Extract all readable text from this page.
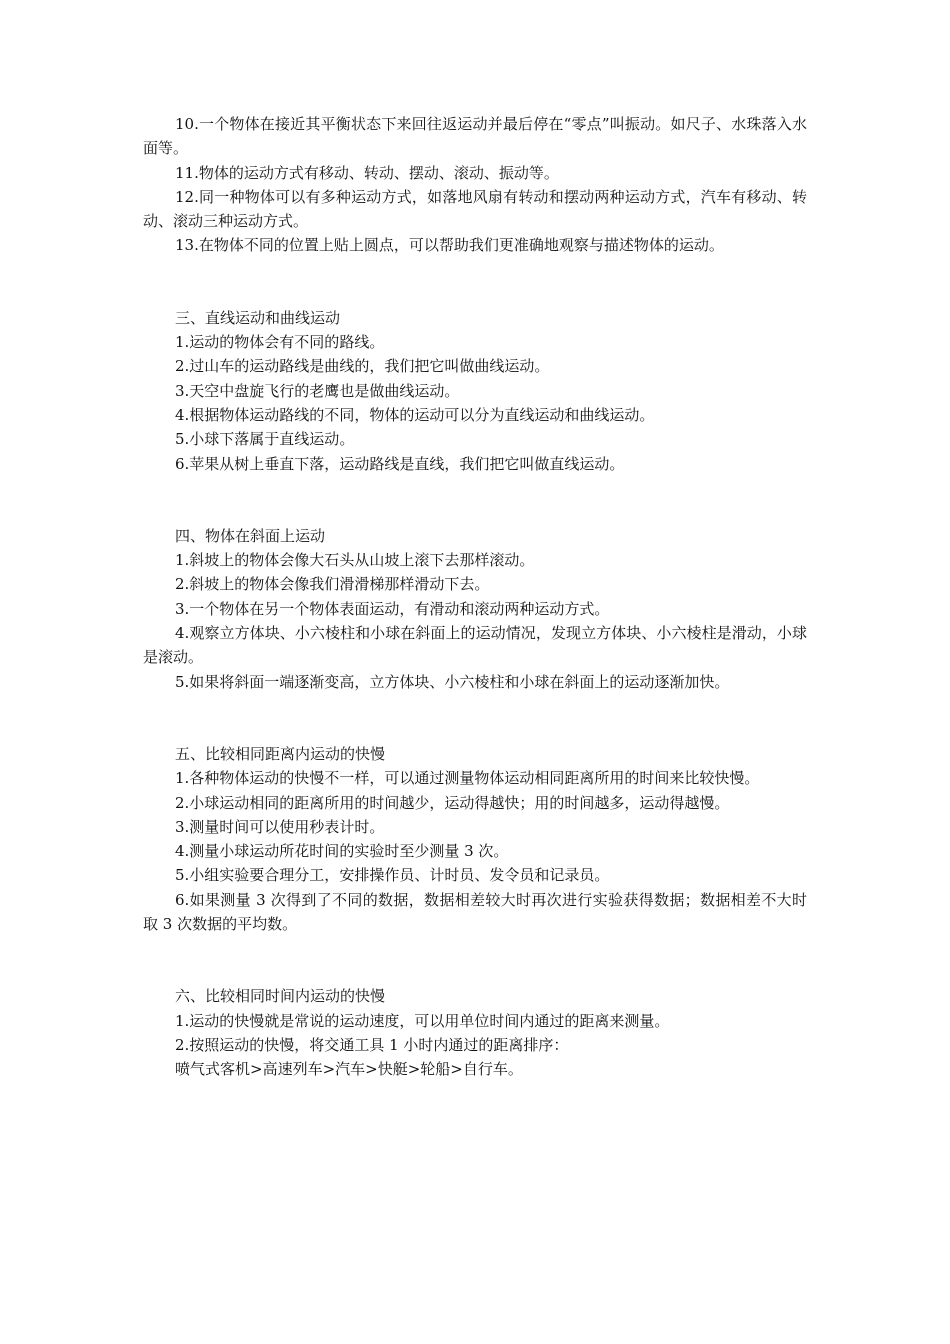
10.一个物体在接近其平衡状态下来回往返运动并最后停在“零点”叫振动。如尺子、水珠落入水面等。

11.物体的运动方式有移动、转动、摆动、滚动、振动等。

12.同一种物体可以有多种运动方式，如落地风扇有转动和摆动两种运动方式，汽车有移动、转动、滚动三种运动方式。

13.在物体不同的位置上贴上圆点，可以帮助我们更准确地观察与描述物体的运动。

三、直线运动和曲线运动

1.运动的物体会有不同的路线。

2.过山车的运动路线是曲线的，我们把它叫做曲线运动。

3.天空中盘旋飞行的老鹰也是做曲线运动。

4.根据物体运动路线的不同，物体的运动可以分为直线运动和曲线运动。

5.小球下落属于直线运动。

6.苹果从树上垂直下落，运动路线是直线，我们把它叫做直线运动。

四、物体在斜面上运动

1.斜坡上的物体会像大石头从山坡上滚下去那样滚动。

2.斜坡上的物体会像我们滑滑梯那样滑动下去。

3.一个物体在另一个物体表面运动，有滑动和滚动两种运动方式。

4.观察立方体块、小六棱柱和小球在斜面上的运动情况，发现立方体块、小六棱柱是滑动，小球是滚动。

5.如果将斜面一端逐渐变高，立方体块、小六棱柱和小球在斜面上的运动逐渐加快。

五、比较相同距离内运动的快慢

1.各种物体运动的快慢不一样，可以通过测量物体运动相同距离所用的时间来比较快慢。

2.小球运动相同的距离所用的时间越少，运动得越快；用的时间越多，运动得越慢。

3.测量时间可以使用秒表计时。

4.测量小球运动所花时间的实验时至少测量 3 次。

5.小组实验要合理分工，安排操作员、计时员、发令员和记录员。

6.如果测量 3 次得到了不同的数据，数据相差较大时再次进行实验获得数据；数据相差不大时取 3 次数据的平均数。

六、比较相同时间内运动的快慢

1.运动的快慢就是常说的运动速度，可以用单位时间内通过的距离来测量。

2.按照运动的快慢，将交通工具 1 小时内通过的距离排序：

喷气式客机>高速列车>汽车>快艇>轮船>自行车。
